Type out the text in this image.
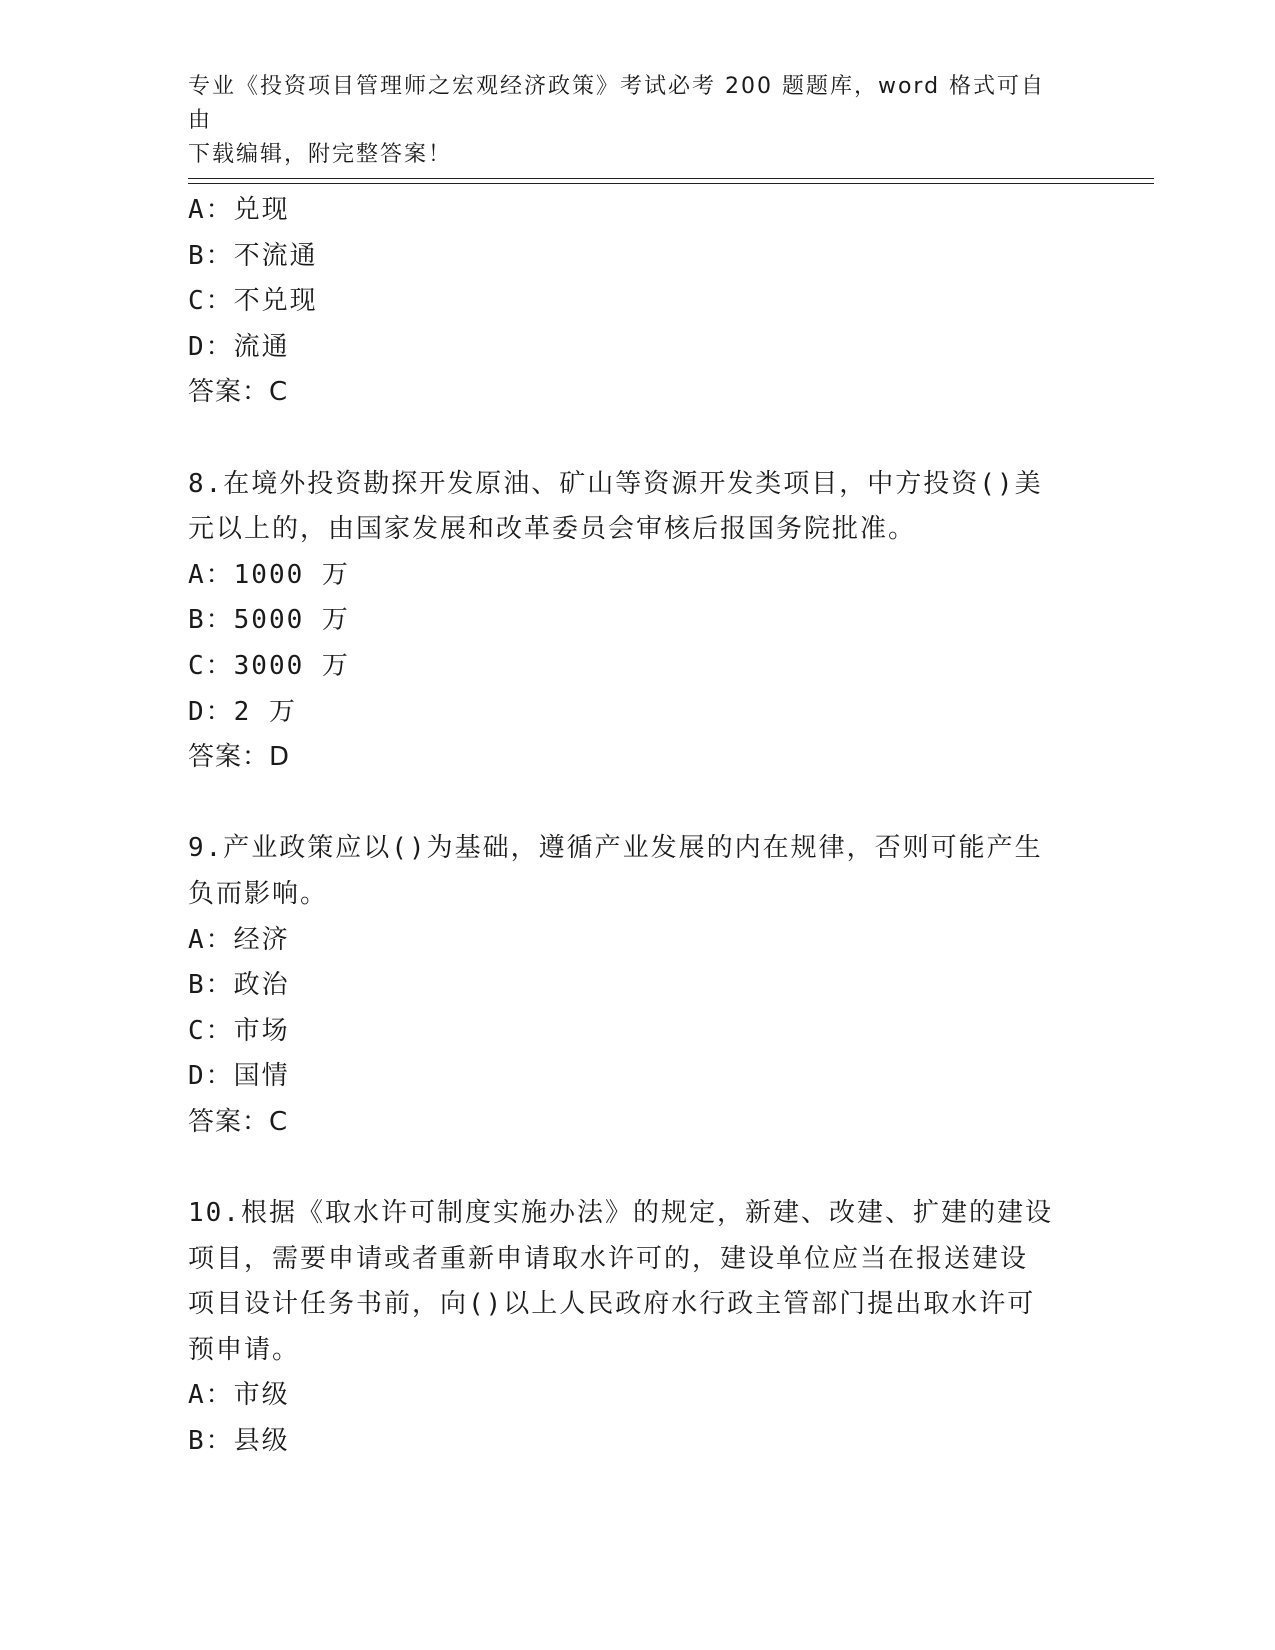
专业《投资项目管理师之宏观经济政策》考试必考 200 题题库，word 格式可自由
下载编辑，附完整答案！
A：兑现
B：不流通
C：不兑现
D：流通
答案：C
8.在境外投资勘探开发原油、矿山等资源开发类项目，中方投资()美
元以上的，由国家发展和改革委员会审核后报国务院批准。
A：1000 万
B：5000 万
C：3000 万
D：2 万
答案：D
9.产业政策应以()为基础，遵循产业发展的内在规律，否则可能产生
负而影响。
A：经济
B：政治
C：市场
D：国情
答案：C
10.根据《取水许可制度实施办法》的规定，新建、改建、扩建的建设
项目，需要申请或者重新申请取水许可的，建设单位应当在报送建设
项目设计任务书前，向()以上人民政府水行政主管部门提出取水许可
预申请。
A：市级
B：县级
